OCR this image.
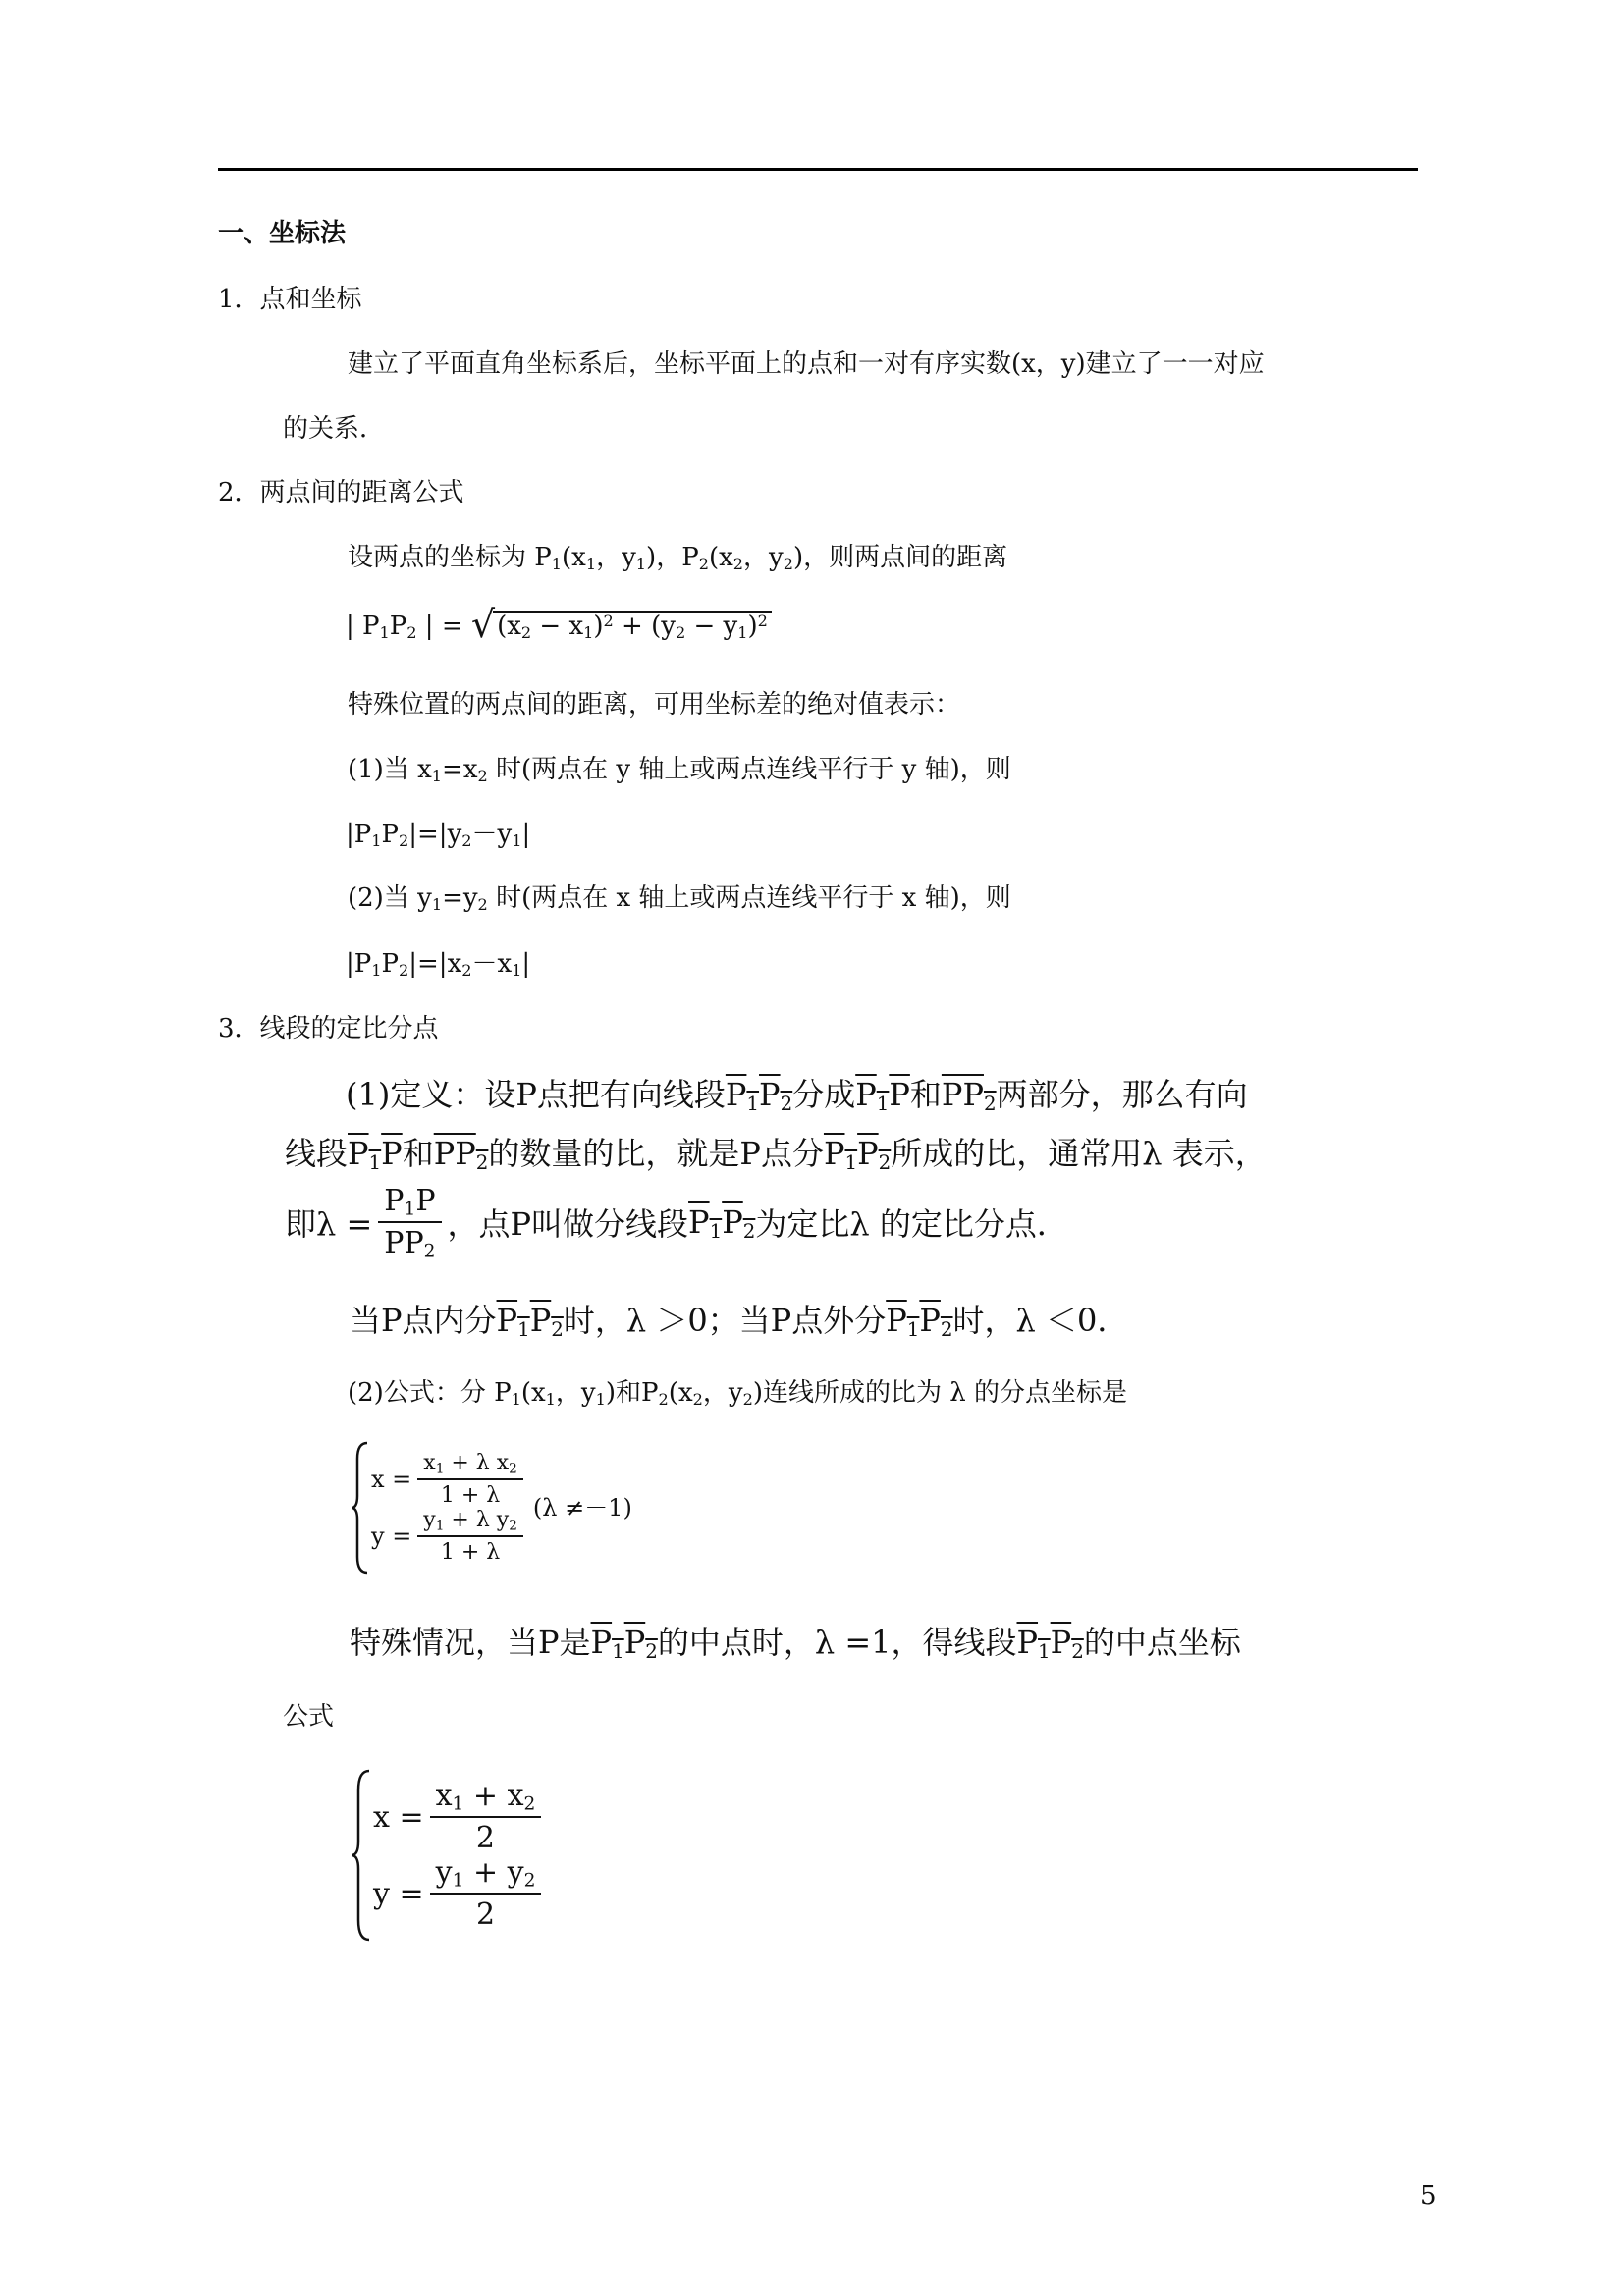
一、坐标法
1．点和坐标
建立了平面直角坐标系后，坐标平面上的点和一对有序实数(x，y)建立了一一对应
的关系．
2．两点间的距离公式
设两点的坐标为 $P_1(x_1$，$y_1$)，$P_2(x_2$，$y_2$)，则两点间的距离
| $P_1P_2$ | = $√(x_2 - x_1)^2 + (y_2 - y_1)^2$
特殊位置的两点间的距离，可用坐标差的绝对值表示：
(1)当 $x_1=x_2$ 时(两点在 y 轴上或两点连线平行于 y 轴)，则
$|P_1P_2|=|y_2-y_1|$
(2)当 $y_1=y_2$ 时(两点在 x 轴上或两点连线平行于 x 轴)，则
$|P_1P_2|=|x_2-x_1|$
3．线段的定比分点
(1)定义：设P点把有向线段$P_1P_2$分成$P_1P$和$PP_2$两部分，那么有向
线段$P_1P$和$PP_2$的数量的比，就是P点分$P_1P_2$所成的比，通常用λ 表示，
即$\lambda = \frac{P_1P}{PP_2}$ ，点P叫做分线段 $P_1P_2$ 为定比λ 的定比分点．
当P点内分$P_1P_2$时，λ ＞0；当P点外分$P_1P_2$时，λ ＜0．
(2)公式：分 $P_1(x_1$，$y_1$)和$P_2(x_2$，$y_2$)连线所成的比为 λ 的分点坐标是
$x = \frac{x_1 + \lambda x_2}{1 + \lambda}$
$y = \frac{y_1 + \lambda y_2}{1 + \lambda}$
(λ ≠－1)
特殊情况，当P是$P_1P_2$的中点时，λ =1，得线段$P_1P_2$的中点坐标
公式
$x = \frac{x_1 + x_2}{2}$
$y = \frac{y_1 + y_2}{2}$
5
